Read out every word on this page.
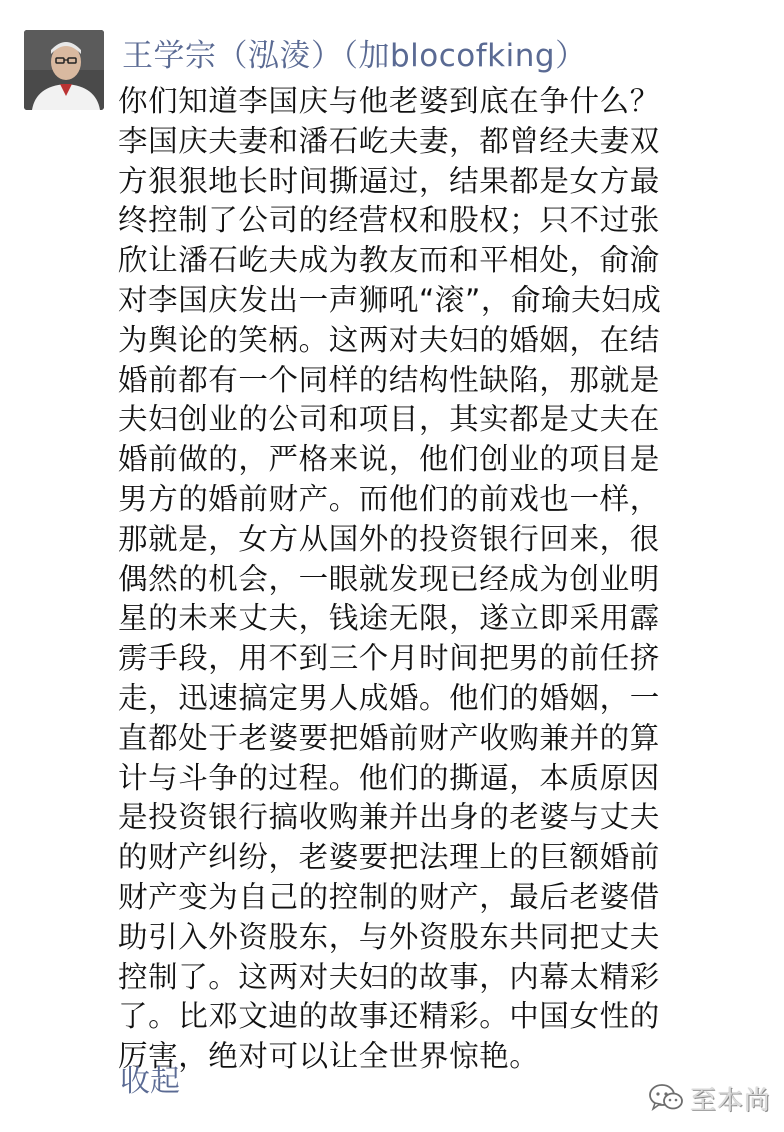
王学宗（泓淩）（加blocofking）
你们知道李国庆与他老婆到底在争什么？
李国庆夫妻和潘石屹夫妻，都曾经夫妻双
方狠狠地长时间撕逼过，结果都是女方最
终控制了公司的经营权和股权；只不过张
欣让潘石屹夫成为教友而和平相处，俞渝
对李国庆发出一声狮吼“滚”，俞瑜夫妇成
为舆论的笑柄。这两对夫妇的婚姻，在结
婚前都有一个同样的结构性缺陷，那就是
夫妇创业的公司和项目，其实都是丈夫在
婚前做的，严格来说，他们创业的项目是
男方的婚前财产。而他们的前戏也一样，
那就是，女方从国外的投资银行回来，很
偶然的机会，一眼就发现已经成为创业明
星的未来丈夫，钱途无限，遂立即采用霹
雳手段，用不到三个月时间把男的前任挤
走，迅速搞定男人成婚。他们的婚姻，一
直都处于老婆要把婚前财产收购兼并的算
计与斗争的过程。他们的撕逼，本质原因
是投资银行搞收购兼并出身的老婆与丈夫
的财产纠纷，老婆要把法理上的巨额婚前
财产变为自己的控制的财产，最后老婆借
助引入外资股东，与外资股东共同把丈夫
控制了。这两对夫妇的故事，内幕太精彩
了。比邓文迪的故事还精彩。中国女性的
厉害，绝对可以让全世界惊艳。
收起
至本尚
